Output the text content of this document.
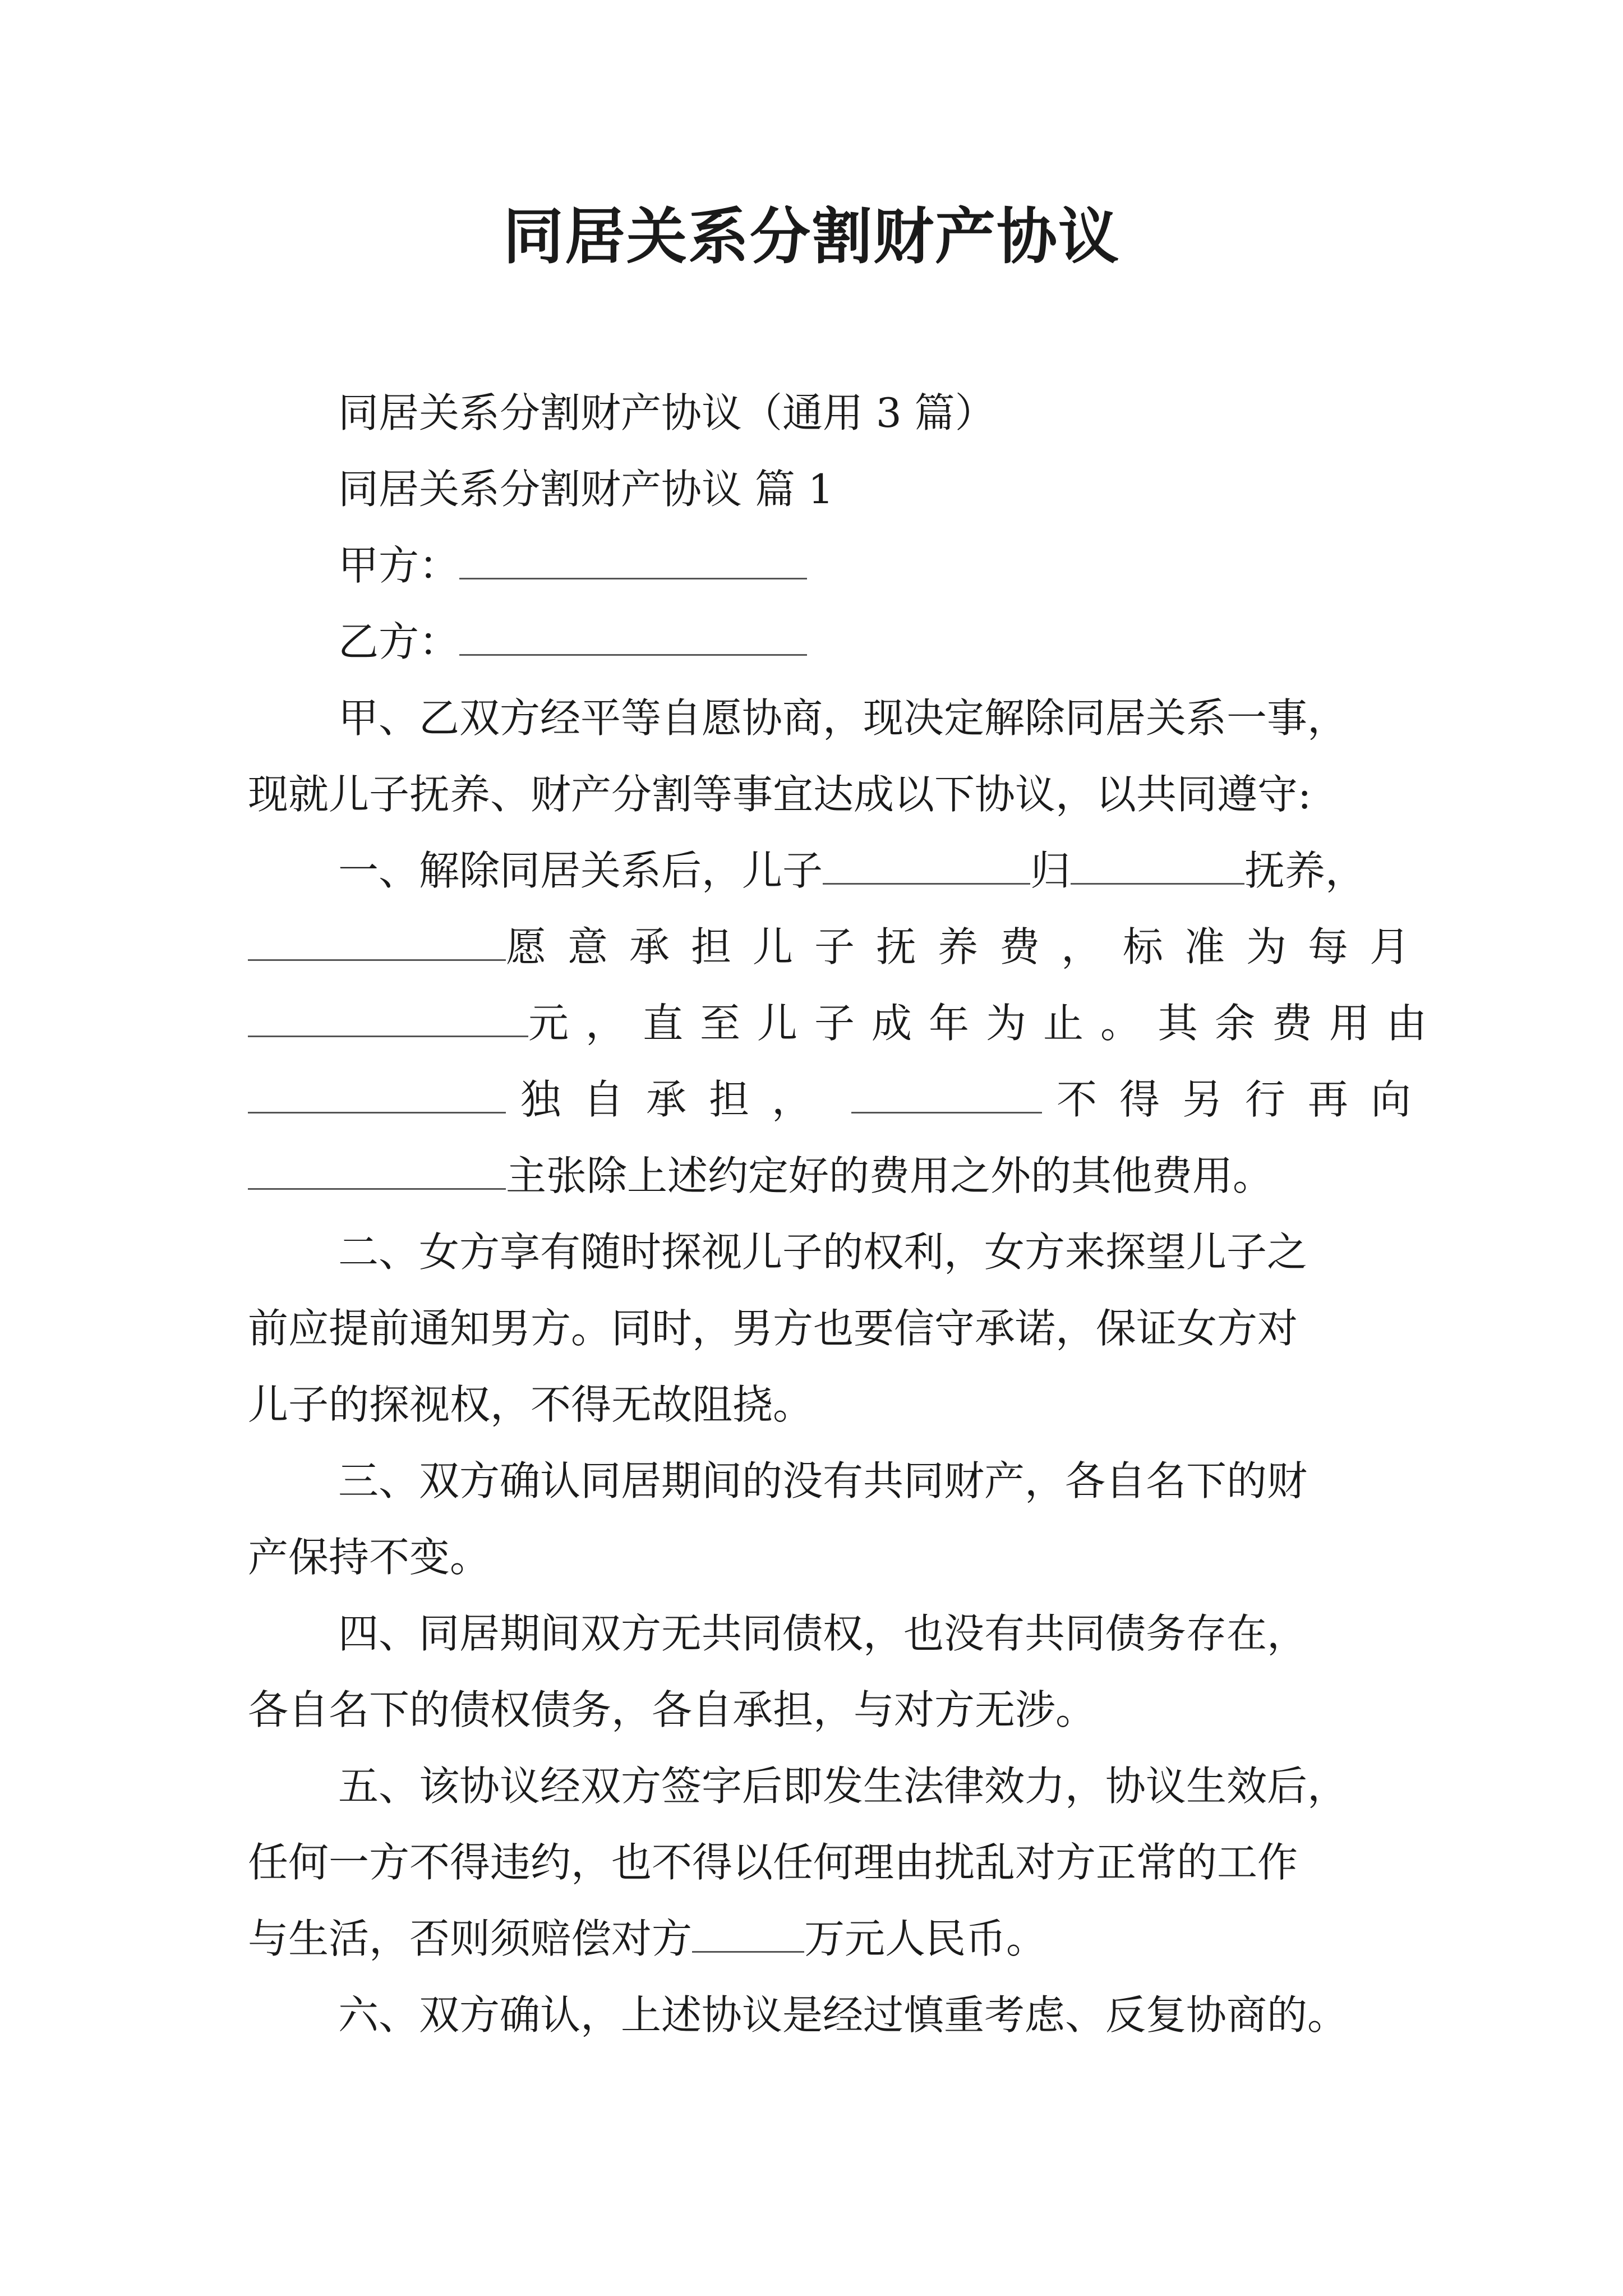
同居关系分割财产协议
同居关系分割财产协议（通用 3 篇）
同居关系分割财产协议 篇 1
甲方：
乙方：
甲、乙双方经平等自愿协商，现决定解除同居关系一事，
现就儿子抚养、财产分割等事宜达成以下协议，以共同遵守:
一、解除同居关系后，儿子	归	抚养，
愿意承担儿子抚养费，标准为每月
元，直至儿子成年为止。其余费用由
独自承担，	不得另行再向
主张除上述约定好的费用之外的其他费用。
二、女方享有随时探视儿子的权利，女方来探望儿子之
前应提前通知男方。同时，男方也要信守承诺，保证女方对
儿子的探视权，不得无故阻挠。
三、双方确认同居期间的没有共同财产，各自名下的财
产保持不变。
四、同居期间双方无共同债权，也没有共同债务存在，
各自名下的债权债务，各自承担，与对方无涉。
五、该协议经双方签字后即发生法律效力，协议生效后，
任何一方不得违约，也不得以任何理由扰乱对方正常的工作
与生活，否则须赔偿对方	万元人民币。
六、双方确认，上述协议是经过慎重考虑、反复协商的。
